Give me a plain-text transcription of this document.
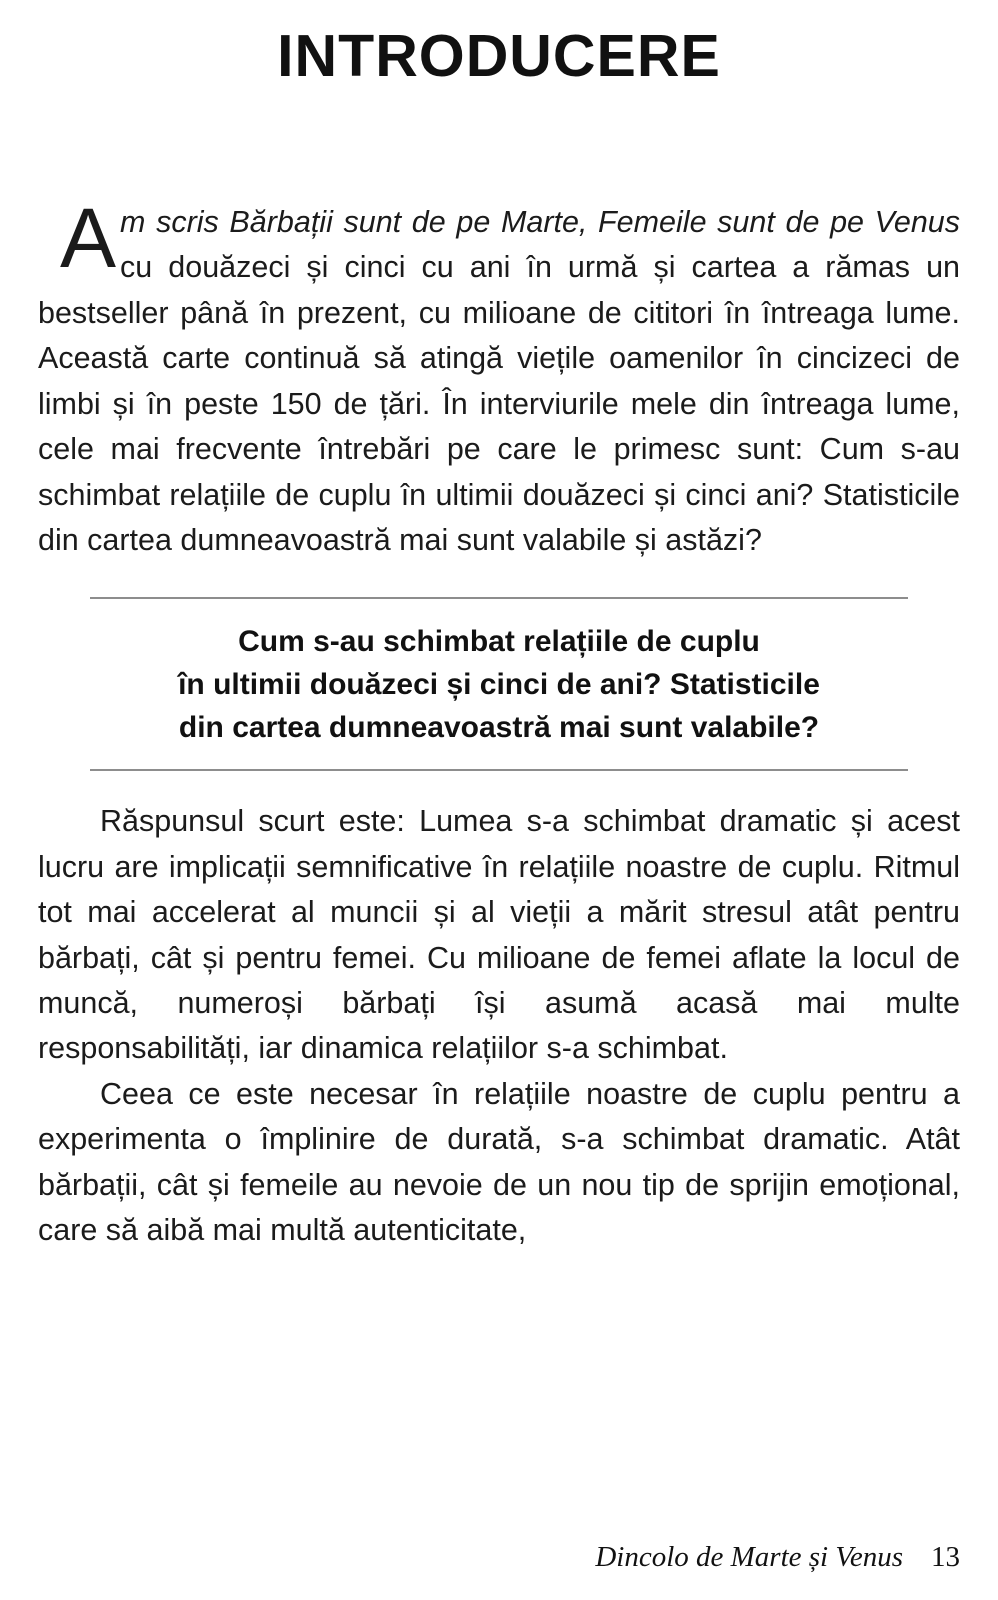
INTRODUCERE

Am scris Bărbații sunt de pe Marte, Femeile sunt de pe Venus cu douăzeci și cinci cu ani în urmă și cartea a rămas un bestseller până în prezent, cu milioane de cititori în întreaga lume. Această carte continuă să atingă viețile oamenilor în cincizeci de limbi și în peste 150 de țări. În interviurile mele din întreaga lume, cele mai frecvente întrebări pe care le primesc sunt: Cum s-au schimbat relațiile de cuplu în ultimii douăzeci și cinci ani? Statisticile din cartea dumneavoastră mai sunt valabile și astăzi?

Cum s-au schimbat relațiile de cuplu
în ultimii douăzeci și cinci de ani? Statisticile
din cartea dumneavoastră mai sunt valabile?

Răspunsul scurt este: Lumea s-a schimbat dramatic și acest lucru are implicații semnificative în relațiile noastre de cuplu. Ritmul tot mai accelerat al muncii și al vieții a mărit stresul atât pentru bărbați, cât și pentru femei. Cu milioane de femei aflate la locul de muncă, numeroși bărbați își asumă acasă mai multe responsabilități, iar dinamica relațiilor s-a schimbat.

Ceea ce este necesar în relațiile noastre de cuplu pentru a experimenta o împlinire de durată, s-a schimbat dramatic. Atât bărbații, cât și femeile au nevoie de un nou tip de sprijin emoțional, care să aibă mai multă autenticitate,

Dincolo de Marte și Venus 13
